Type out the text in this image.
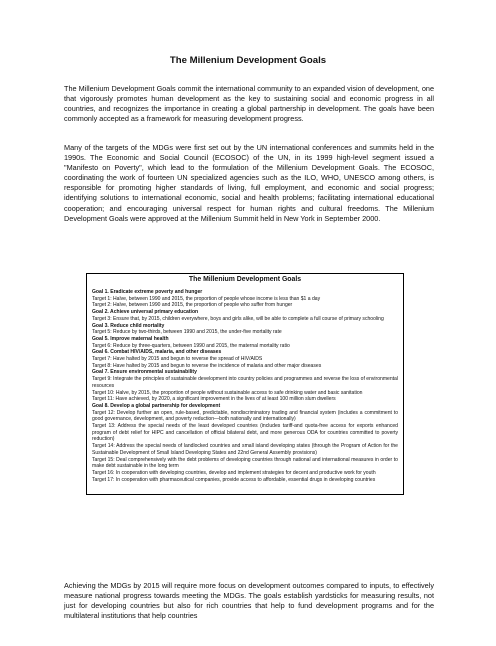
The Millenium Development Goals

The Millenium Development Goals commit the international community to an expanded vision of development, one that vigorously promotes human development as the key to sustaining social and economic progress in all countries, and recognizes the importance in creating a global partnership in development. The goals have been commonly accepted as a framework for measuring development progress.

Many of the targets of the MDGs were first set out by the UN international conferences and summits held in the 1990s. The Economic and Social Council (ECOSOC) of the UN, in its 1999 high-level segment issued a "Manifesto on Poverty", which lead to the formulation of the Millenium Development Goals. The ECOSOC, coordinating the work of fourteen UN specialized agencies such as the ILO, WHO, UNESCO among others, is responsible for promoting higher standards of living, full employment, and economic and social progress; identifying solutions to international economic, social and health problems; facilitating international educational cooperation; and encouraging universal respect for human rights and cultural freedoms. The Millenium Development Goals were approved at the Millenium Summit held in New York in September 2000.

The Millenium Development Goals

Goal 1. Eradicate extreme poverty and hunger

Target 1: Halve, between 1990 and 2015, the proportion of people whose income is less than $1 a day

Target 2: Halve, between 1990 and 2015, the proportion of people who suffer from hunger

Goal 2. Achieve universal primary education

Target 3: Ensure that, by 2015, children everywhere, boys and girls alike, will be able to complete a full course of primary schooling

Goal 3. Reduce child mortality

Target 5: Reduce by two-thirds, between 1990 and 2015, the under-five mortality rate

Goal 5. Improve maternal health

Target 6: Reduce by three-quarters, between 1990 and 2015, the maternal mortality ratio

Goal 6. Combat HIV/AIDS, malaria, and other diseases

Target 7: Have halted by 2015 and begun to reverse the spread of HIV/AIDS

Target 8: Have halted by 2015 and begun to reverse the incidence of malaria and other major diseases

Goal 7. Ensure environmental sustainability

Target 9: Integrate the principles of sustainable development into country policies and programmes and reverse the loss of environmental resources

Target 10: Halve, by 2015, the proportion of people without sustainable access to safe drinking water and basic sanitation

Target 11: Have achieved, by 2020, a significant improvement in the lives of at least 100 million slum dwellers

Goal 8. Develop a global partnership for development

Target 12: Develop further an open, rule-based, predictable, nondiscriminatory trading and financial system (includes a commitment to good governance, development, and poverty reduction—both nationally and internationally)

Target 13: Address the special needs of the least developed countries (includes tariff-and quota-free access for exports enhanced program of debt relief for HIPC and cancellation of official bilateral debt, and more generous ODA for countries committed to poverty reduction)

Target 14: Address the special needs of landlocked countries and small island developing states (through the Program of Action for the Sustainable Development of Small Island Developing States and 22nd General Assembly provisions)

Target 15: Deal comprehensively with the debt problems of developing countries through national and international measures in order to make debt sustainable in the long term

Target 16: In cooperation with developing countries, develop and implement strategies for decent and productive work for youth

Target 17: In cooperation with pharmaceutical companies, provide access to affordable, essential drugs in developing countries

Achieving the MDGs by 2015 will require more focus on development outcomes compared to inputs, to effectively measure national progress towards meeting the MDGs. The goals establish yardsticks for measuring results, not just for developing countries but also for rich countries that help to fund development programs and for the multilateral institutions that help countries
